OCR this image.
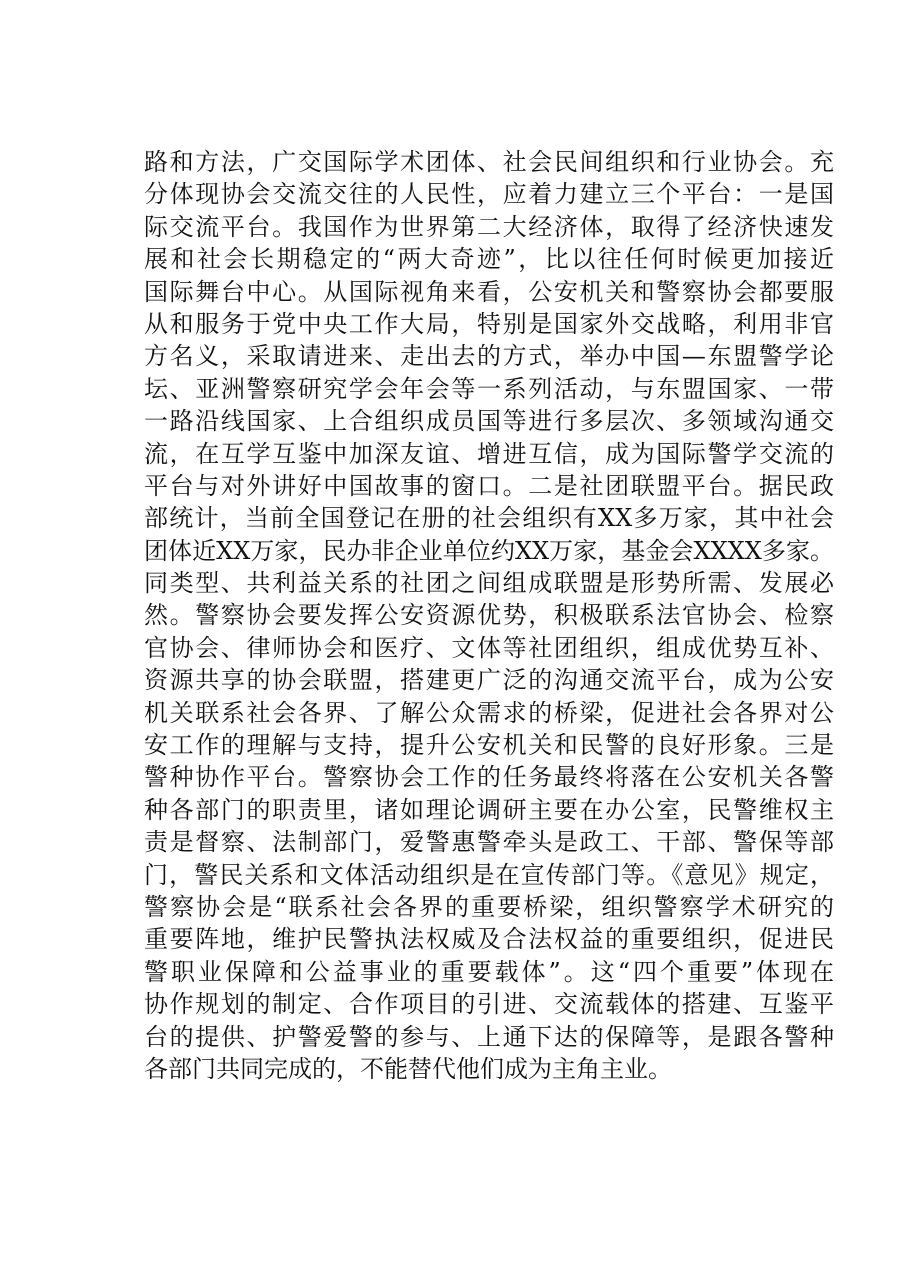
路和方法，广交国际学术团体、社会民间组织和行业协会。充
分体现协会交流交往的人民性，应着力建立三个平台：一是国
际交流平台。我国作为世界第二大经济体，取得了经济快速发
展和社会长期稳定的“两大奇迹”，比以往任何时候更加接近
国际舞台中心。从国际视角来看，公安机关和警察协会都要服
从和服务于党中央工作大局，特别是国家外交战略，利用非官
方名义，采取请进来、走出去的方式，举办中国—东盟警学论
坛、亚洲警察研究学会年会等一系列活动，与东盟国家、一带
一路沿线国家、上合组织成员国等进行多层次、多领域沟通交
流，在互学互鉴中加深友谊、增进互信，成为国际警学交流的
平台与对外讲好中国故事的窗口。二是社团联盟平台。据民政
部统计，当前全国登记在册的社会组织有XX多万家，其中社会
团体近XX万家，民办非企业单位约XX万家，基金会XXXX多家。
同类型、共利益关系的社团之间组成联盟是形势所需、发展必
然。警察协会要发挥公安资源优势，积极联系法官协会、检察
官协会、律师协会和医疗、文体等社团组织，组成优势互补、
资源共享的协会联盟，搭建更广泛的沟通交流平台，成为公安
机关联系社会各界、了解公众需求的桥梁，促进社会各界对公
安工作的理解与支持，提升公安机关和民警的良好形象。三是
警种协作平台。警察协会工作的任务最终将落在公安机关各警
种各部门的职责里，诸如理论调研主要在办公室，民警维权主
责是督察、法制部门，爱警惠警牵头是政工、干部、警保等部
门，警民关系和文体活动组织是在宣传部门等。《意见》规定，
警察协会是“联系社会各界的重要桥梁，组织警察学术研究的
重要阵地，维护民警执法权威及合法权益的重要组织，促进民
警职业保障和公益事业的重要载体”。这“四个重要”体现在
协作规划的制定、合作项目的引进、交流载体的搭建、互鉴平
台的提供、护警爱警的参与、上通下达的保障等，是跟各警种
各部门共同完成的，不能替代他们成为主角主业。
